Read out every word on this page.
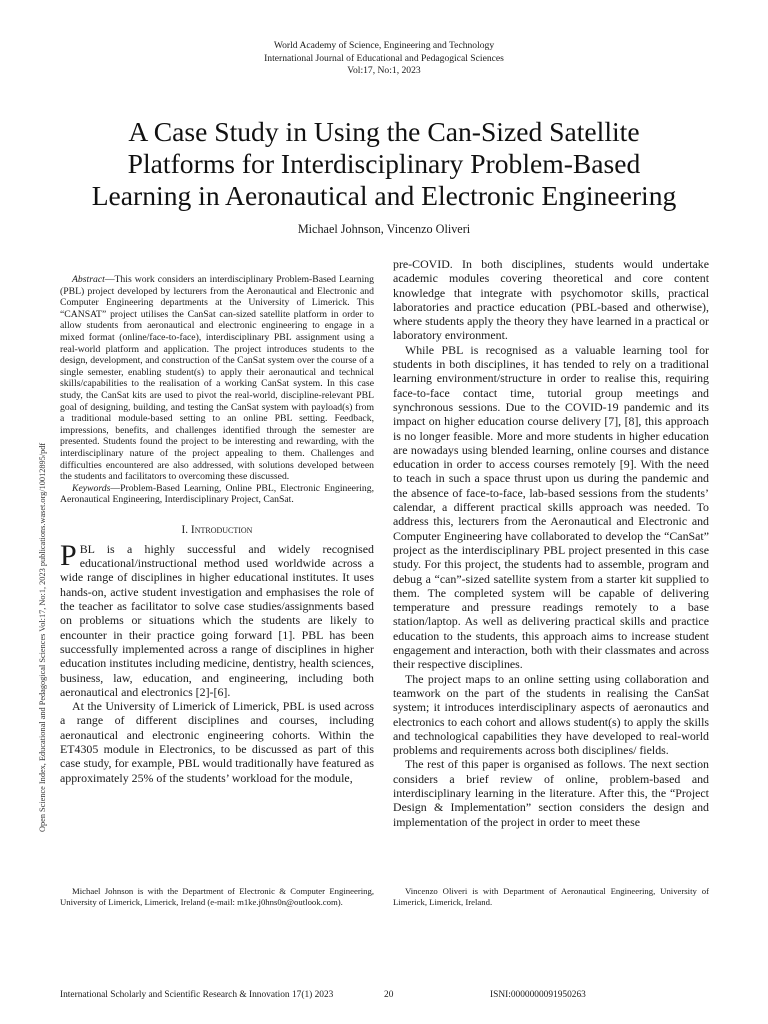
World Academy of Science, Engineering and Technology
International Journal of Educational and Pedagogical Sciences
Vol:17, No:1, 2023
A Case Study in Using the Can-Sized Satellite
Platforms for Interdisciplinary Problem-Based
Learning in Aeronautical and Electronic Engineering
Michael Johnson, Vincenzo Oliveri
Open Science Index, Educational and Pedagogical Sciences Vol:17, No:1, 2023 publications.waset.org/10012895/pdf

Abstract—This work considers an interdisciplinary Problem-Based Learning (PBL) project developed by lecturers from the Aeronautical and Electronic and Computer Engineering departments at the University of Limerick. This “CANSAT” project utilises the CanSat can-sized satellite platform in order to allow students from aeronautical and electronic engineering to engage in a mixed format (online/face-to-face), interdisciplinary PBL assignment using a real-world platform and application. The project introduces students to the design, development, and construction of the CanSat system over the course of a single semester, enabling student(s) to apply their aeronautical and technical skills/capabilities to the realisation of a working CanSat system. In this case study, the CanSat kits are used to pivot the real-world, discipline-relevant PBL goal of designing, building, and testing the CanSat system with payload(s) from a traditional module-based setting to an online PBL setting. Feedback, impressions, benefits, and challenges identified through the semester are presented. Students found the project to be interesting and rewarding, with the interdisciplinary nature of the project appealing to them. Challenges and difficulties encountered are also addressed, with solutions developed between the students and facilitators to overcoming these discussed.

Keywords—Problem-Based Learning, Online PBL, Electronic Engineering, Aeronautical Engineering, Interdisciplinary Project, CanSat.

I. Introduction

PBL is a highly successful and widely recognised educational/instructional method used worldwide across a wide range of disciplines in higher educational institutes. It uses hands-on, active student investigation and emphasises the role of the teacher as facilitator to solve case studies/assignments based on problems or situations which the students are likely to encounter in their practice going forward [1]. PBL has been successfully implemented across a range of disciplines in higher education institutes including medicine, dentistry, health sciences, business, law, education, and engineering, including both aeronautical and electronics [2]-[6].

At the University of Limerick of Limerick, PBL is used across a range of different disciplines and courses, including aeronautical and electronic engineering cohorts. Within the ET4305 module in Electronics, to be discussed as part of this case study, for example, PBL would traditionally have featured as approximately 25% of the students’ workload for the module,

pre-COVID. In both disciplines, students would undertake academic modules covering theoretical and core content knowledge that integrate with psychomotor skills, practical laboratories and practice education (PBL-based and otherwise), where students apply the theory they have learned in a practical or laboratory environment.

While PBL is recognised as a valuable learning tool for students in both disciplines, it has tended to rely on a traditional learning environment/structure in order to realise this, requiring face-to-face contact time, tutorial group meetings and synchronous sessions. Due to the COVID-19 pandemic and its impact on higher education course delivery [7], [8], this approach is no longer feasible. More and more students in higher education are nowadays using blended learning, online courses and distance education in order to access courses remotely [9]. With the need to teach in such a space thrust upon us during the pandemic and the absence of face-to-face, lab-based sessions from the students’ calendar, a different practical skills approach was needed. To address this, lecturers from the Aeronautical and Electronic and Computer Engineering have collaborated to develop the “CanSat” project as the interdisciplinary PBL project presented in this case study. For this project, the students had to assemble, program and debug a “can”-sized satellite system from a starter kit supplied to them. The completed system will be capable of delivering temperature and pressure readings remotely to a base station/laptop. As well as delivering practical skills and practice education to the students, this approach aims to increase student engagement and interaction, both with their classmates and across their respective disciplines.

The project maps to an online setting using collaboration and teamwork on the part of the students in realising the CanSat system; it introduces interdisciplinary aspects of aeronautics and electronics to each cohort and allows student(s) to apply the skills and technological capabilities they have developed to real-world problems and requirements across both disciplines/ fields.

The rest of this paper is organised as follows. The next section considers a brief review of online, problem-based and interdisciplinary learning in the literature. After this, the “Project Design & Implementation” section considers the design and implementation of the project in order to meet these

Michael Johnson is with the Department of Electronic & Computer Engineering, University of Limerick, Limerick, Ireland (e-mail: m1ke.j0hns0n@outlook.com).
Vincenzo Oliveri is with Department of Aeronautical Engineering, University of Limerick, Limerick, Ireland.
International Scholarly and Scientific Research & Innovation 17(1) 2023	20	ISNI:0000000091950263
